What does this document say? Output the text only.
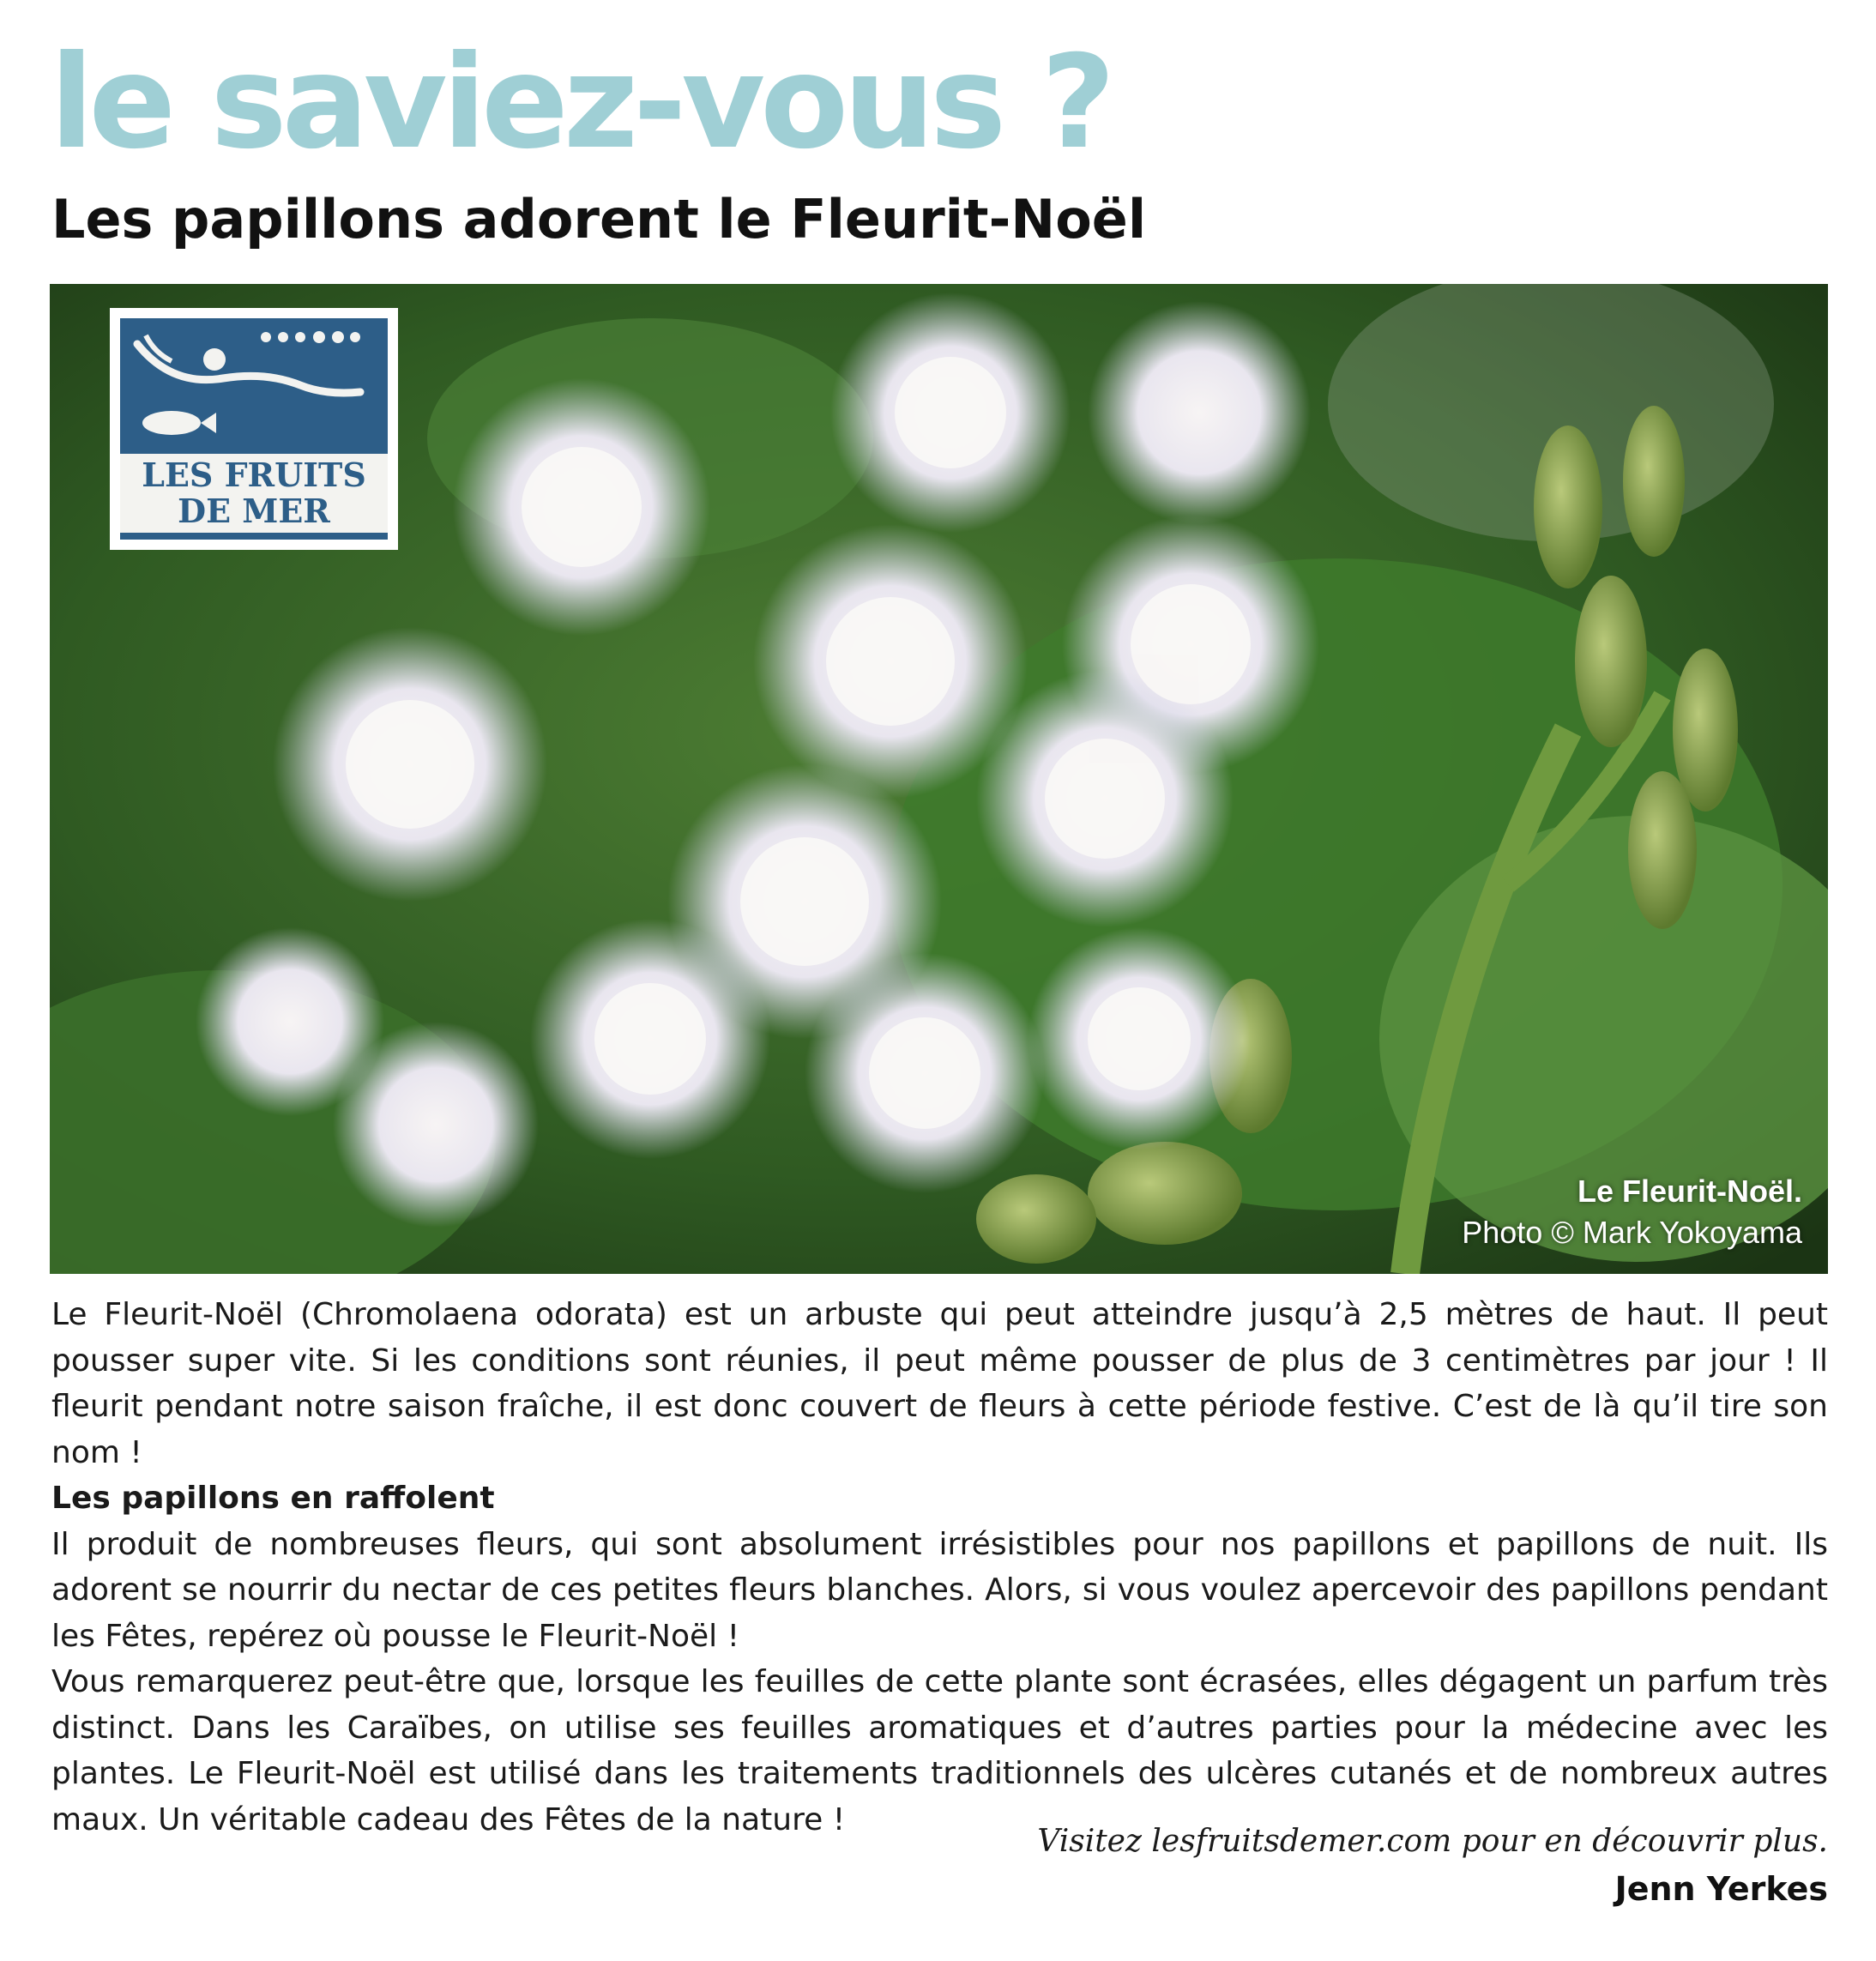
le saviez-vous ?
Les papillons adorent le Fleurit-Noël
LES FRUITS
DE MER
Le Fleurit-Noël.
Photo © Mark Yokoyama

Le Fleurit-Noël (Chromolaena odorata) est un arbuste qui peut atteindre jusqu’à 2,5 mètres de haut. Il peut pousser super vite. Si les conditions sont réunies, il peut même pousser de plus de 3 centimètres par jour ! Il fleurit pendant notre saison fraîche, il est donc couvert de fleurs à cette période festive. C’est de là qu’il tire son nom !

Les papillons en raffolent

Il produit de nombreuses fleurs, qui sont absolument irrésistibles pour nos papillons et papillons de nuit. Ils adorent se nourrir du nectar de ces petites fleurs blanches. Alors, si vous voulez apercevoir des papillons pendant les Fêtes, repérez où pousse le Fleurit-Noël !

Vous remarquerez peut-être que, lorsque les feuilles de cette plante sont écrasées, elles dégagent un parfum très distinct. Dans les Caraïbes, on utilise ses feuilles aromatiques et d’autres parties pour la médecine avec les plantes. Le Fleurit-Noël est utilisé dans les traitements traditionnels des ulcères cutanés et de nombreux autres maux. Un véritable cadeau des Fêtes de la nature !

Visitez lesfruitsdemer.com pour en découvrir plus.
Jenn Yerkes
